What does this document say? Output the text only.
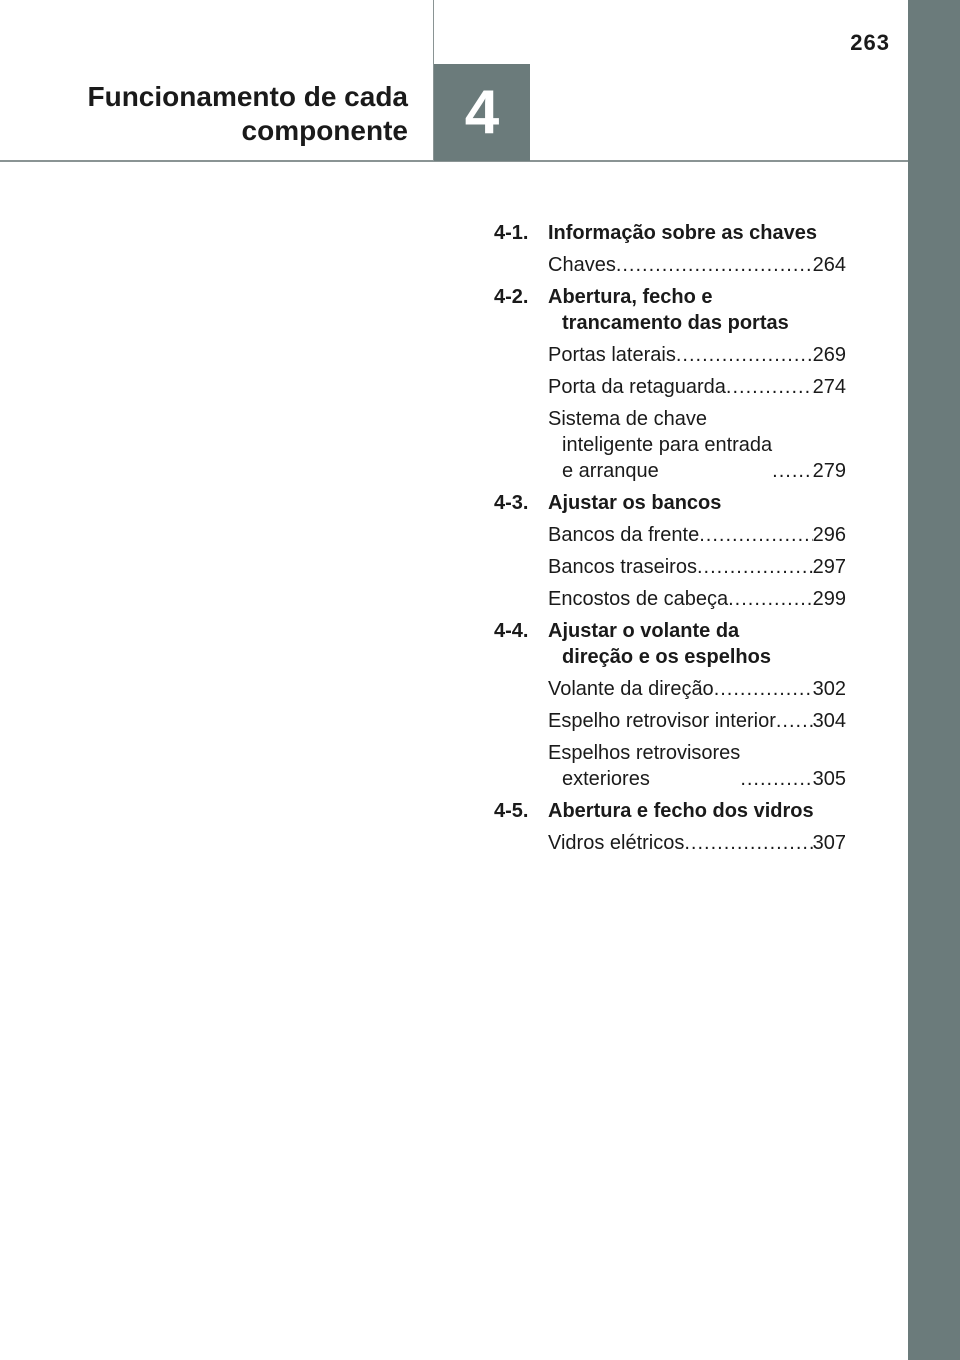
263
Funcionamento de cada
componente 4
4-1. Informação sobre as chaves
Chaves .....	264
4-2. Abertura, fecho e
trancamento das portas
Portas laterais .....	269
Porta da retaguarda .....	274
Sistema de chave
inteligente para entrada
e arranque .....	279
4-3. Ajustar os bancos
Bancos da frente .....	296
Bancos traseiros .....	297
Encostos de cabeça .....	299
4-4. Ajustar o volante da
direção e os espelhos
Volante da direção .....	302
Espelho retrovisor interior ..... 304
Espelhos retrovisores
exteriores .....	305
4-5. Abertura e fecho dos vidros
Vidros elétricos .....	307
